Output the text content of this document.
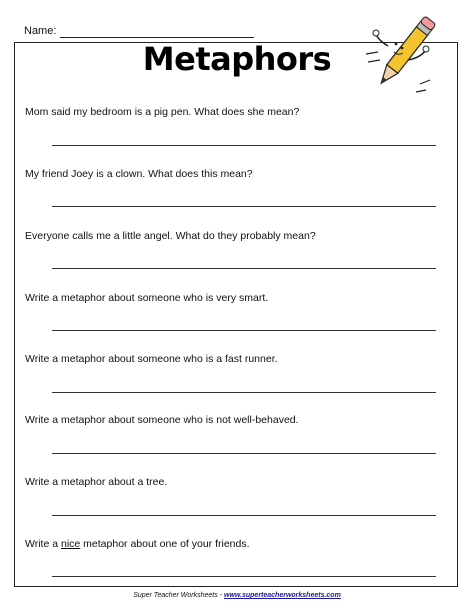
Name:
Metaphors
Mom said my bedroom is a pig pen. What does she mean?
My friend Joey is a clown. What does this mean?
Everyone calls me a little angel. What do they probably mean?
Write a metaphor about someone who is very smart.
Write a metaphor about someone who is a fast runner.
Write a metaphor about someone who is not well-behaved.
Write a metaphor about a tree.
Write a nice metaphor about one of your friends.
Super Teacher Worksheets - www.superteacherworksheets.com
